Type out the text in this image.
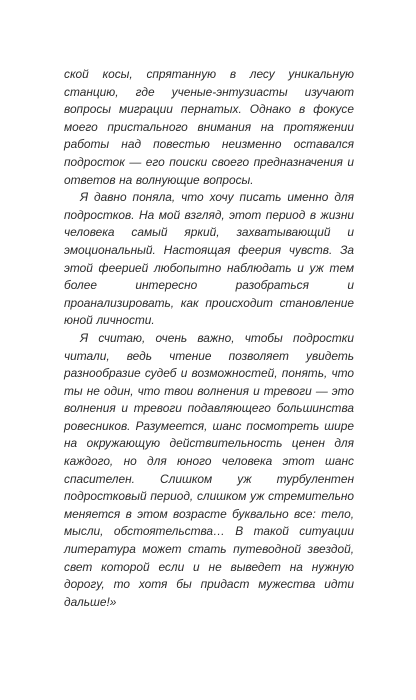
ской косы, спрятанную в лесу уникальную станцию, где ученые-энтузиасты изучают вопросы миграции пернатых. Однако в фокусе моего пристального внимания на протяжении работы над повестью неизменно оставался подросток — его поиски своего предназначения и ответов на волнующие вопросы.

Я давно поняла, что хочу писать именно для подростков. На мой взгляд, этот период в жизни человека самый яркий, захватывающий и эмоциональный. Настоящая феерия чувств. За этой феерией любопытно наблюдать и уж тем более интересно разобраться и проанализировать, как происходит становление юной личности.

Я считаю, очень важно, чтобы подростки читали, ведь чтение позволяет увидеть разнообразие судеб и возможностей, понять, что ты не один, что твои волнения и тревоги — это волнения и тревоги подавляющего большинства ровесников. Разумеется, шанс посмотреть шире на окружающую действительность ценен для каждого, но для юного человека этот шанс спасителен. Слишком уж турбулентен подростковый период, слишком уж стремительно меняется в этом возрасте буквально все: тело, мысли, обстоятельства… В такой ситуации литература может стать путеводной звездой, свет которой если и не выведет на нужную дорогу, то хотя бы придаст мужества идти дальше!»
